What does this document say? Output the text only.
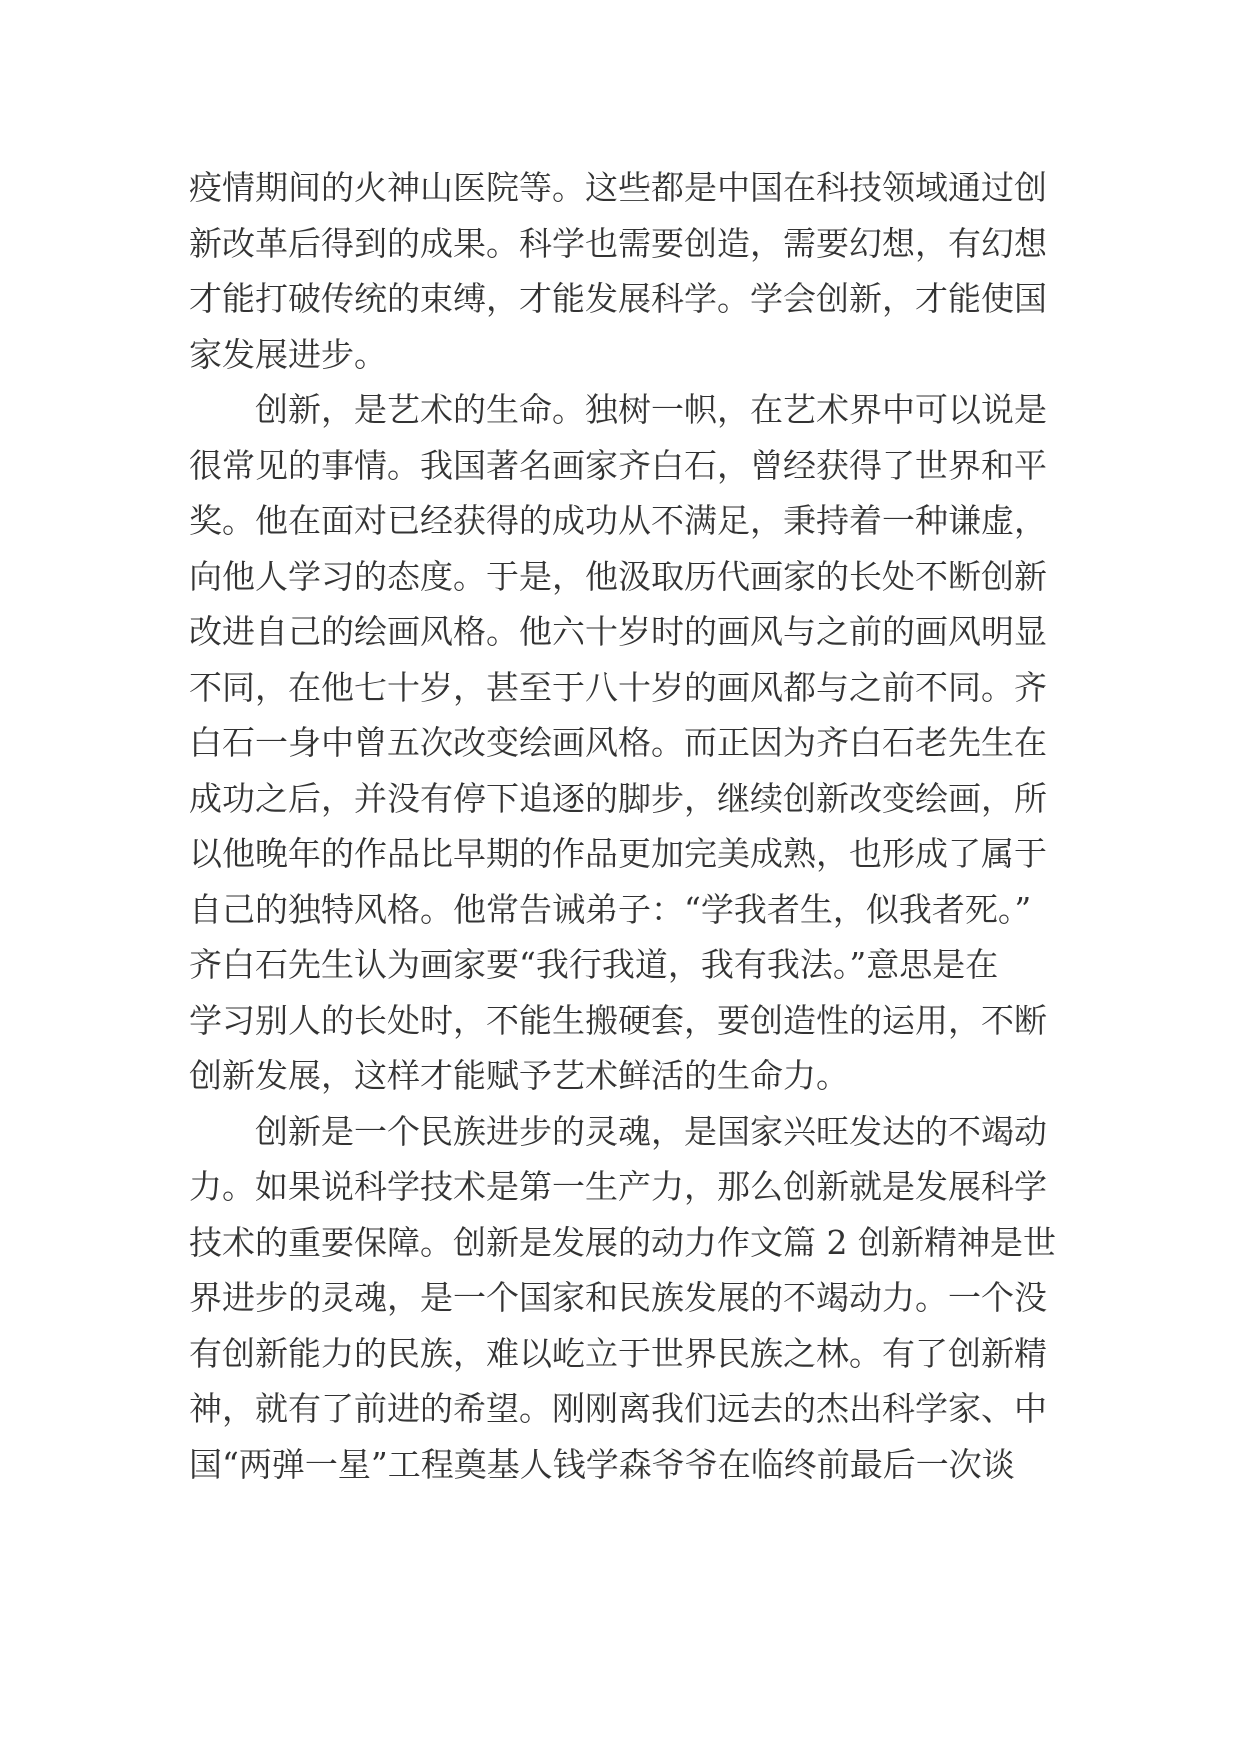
疫情期间的火神山医院等。这些都是中国在科技领域通过创
新改革后得到的成果。科学也需要创造，需要幻想，有幻想
才能打破传统的束缚，才能发展科学。学会创新，才能使国
家发展进步。
创新，是艺术的生命。独树一帜，在艺术界中可以说是
很常见的事情。我国著名画家齐白石，曾经获得了世界和平
奖。他在面对已经获得的成功从不满足，秉持着一种谦虚，
向他人学习的态度。于是，他汲取历代画家的长处不断创新
改进自己的绘画风格。他六十岁时的画风与之前的画风明显
不同，在他七十岁，甚至于八十岁的画风都与之前不同。齐
白石一身中曾五次改变绘画风格。而正因为齐白石老先生在
成功之后，并没有停下追逐的脚步，继续创新改变绘画，所
以他晚年的作品比早期的作品更加完美成熟，也形成了属于
自己的独特风格。他常告诫弟子：“学我者生，似我者死。”
齐白石先生认为画家要“我行我道，我有我法。”意思是在
学习别人的长处时，不能生搬硬套，要创造性的运用，不断
创新发展，这样才能赋予艺术鲜活的生命力。
创新是一个民族进步的灵魂，是国家兴旺发达的不竭动
力。如果说科学技术是第一生产力，那么创新就是发展科学
技术的重要保障。创新是发展的动力作文篇 2 创新精神是世
界进步的灵魂，是一个国家和民族发展的不竭动力。一个没
有创新能力的民族，难以屹立于世界民族之林。有了创新精
神，就有了前进的希望。刚刚离我们远去的杰出科学家、中
国“两弹一星”工程奠基人钱学森爷爷在临终前最后一次谈
